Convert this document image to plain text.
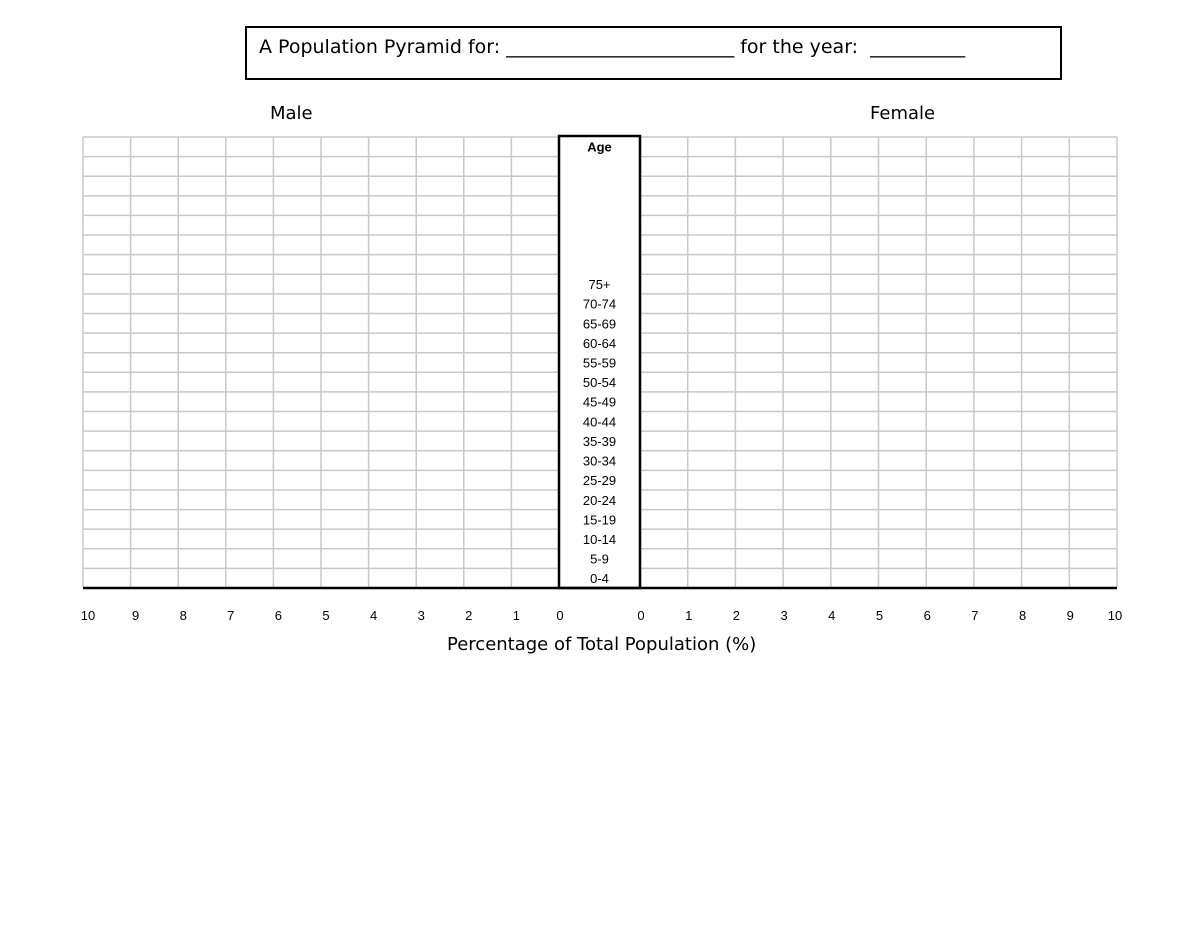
A Population Pyramid for: ________________________ for the year: __________
Male	Female
Age
75+
70-74
65-69
60-64
55-59
50-54
45-49
40-44
35-39
30-34
25-29
20-24
15-19
10-14
5-9
0-4
10	9	8	7	6	5	4	3	2	1	0	0	1	2	3	4	5	6	7	8	9	10
Percentage of Total Population (%)
